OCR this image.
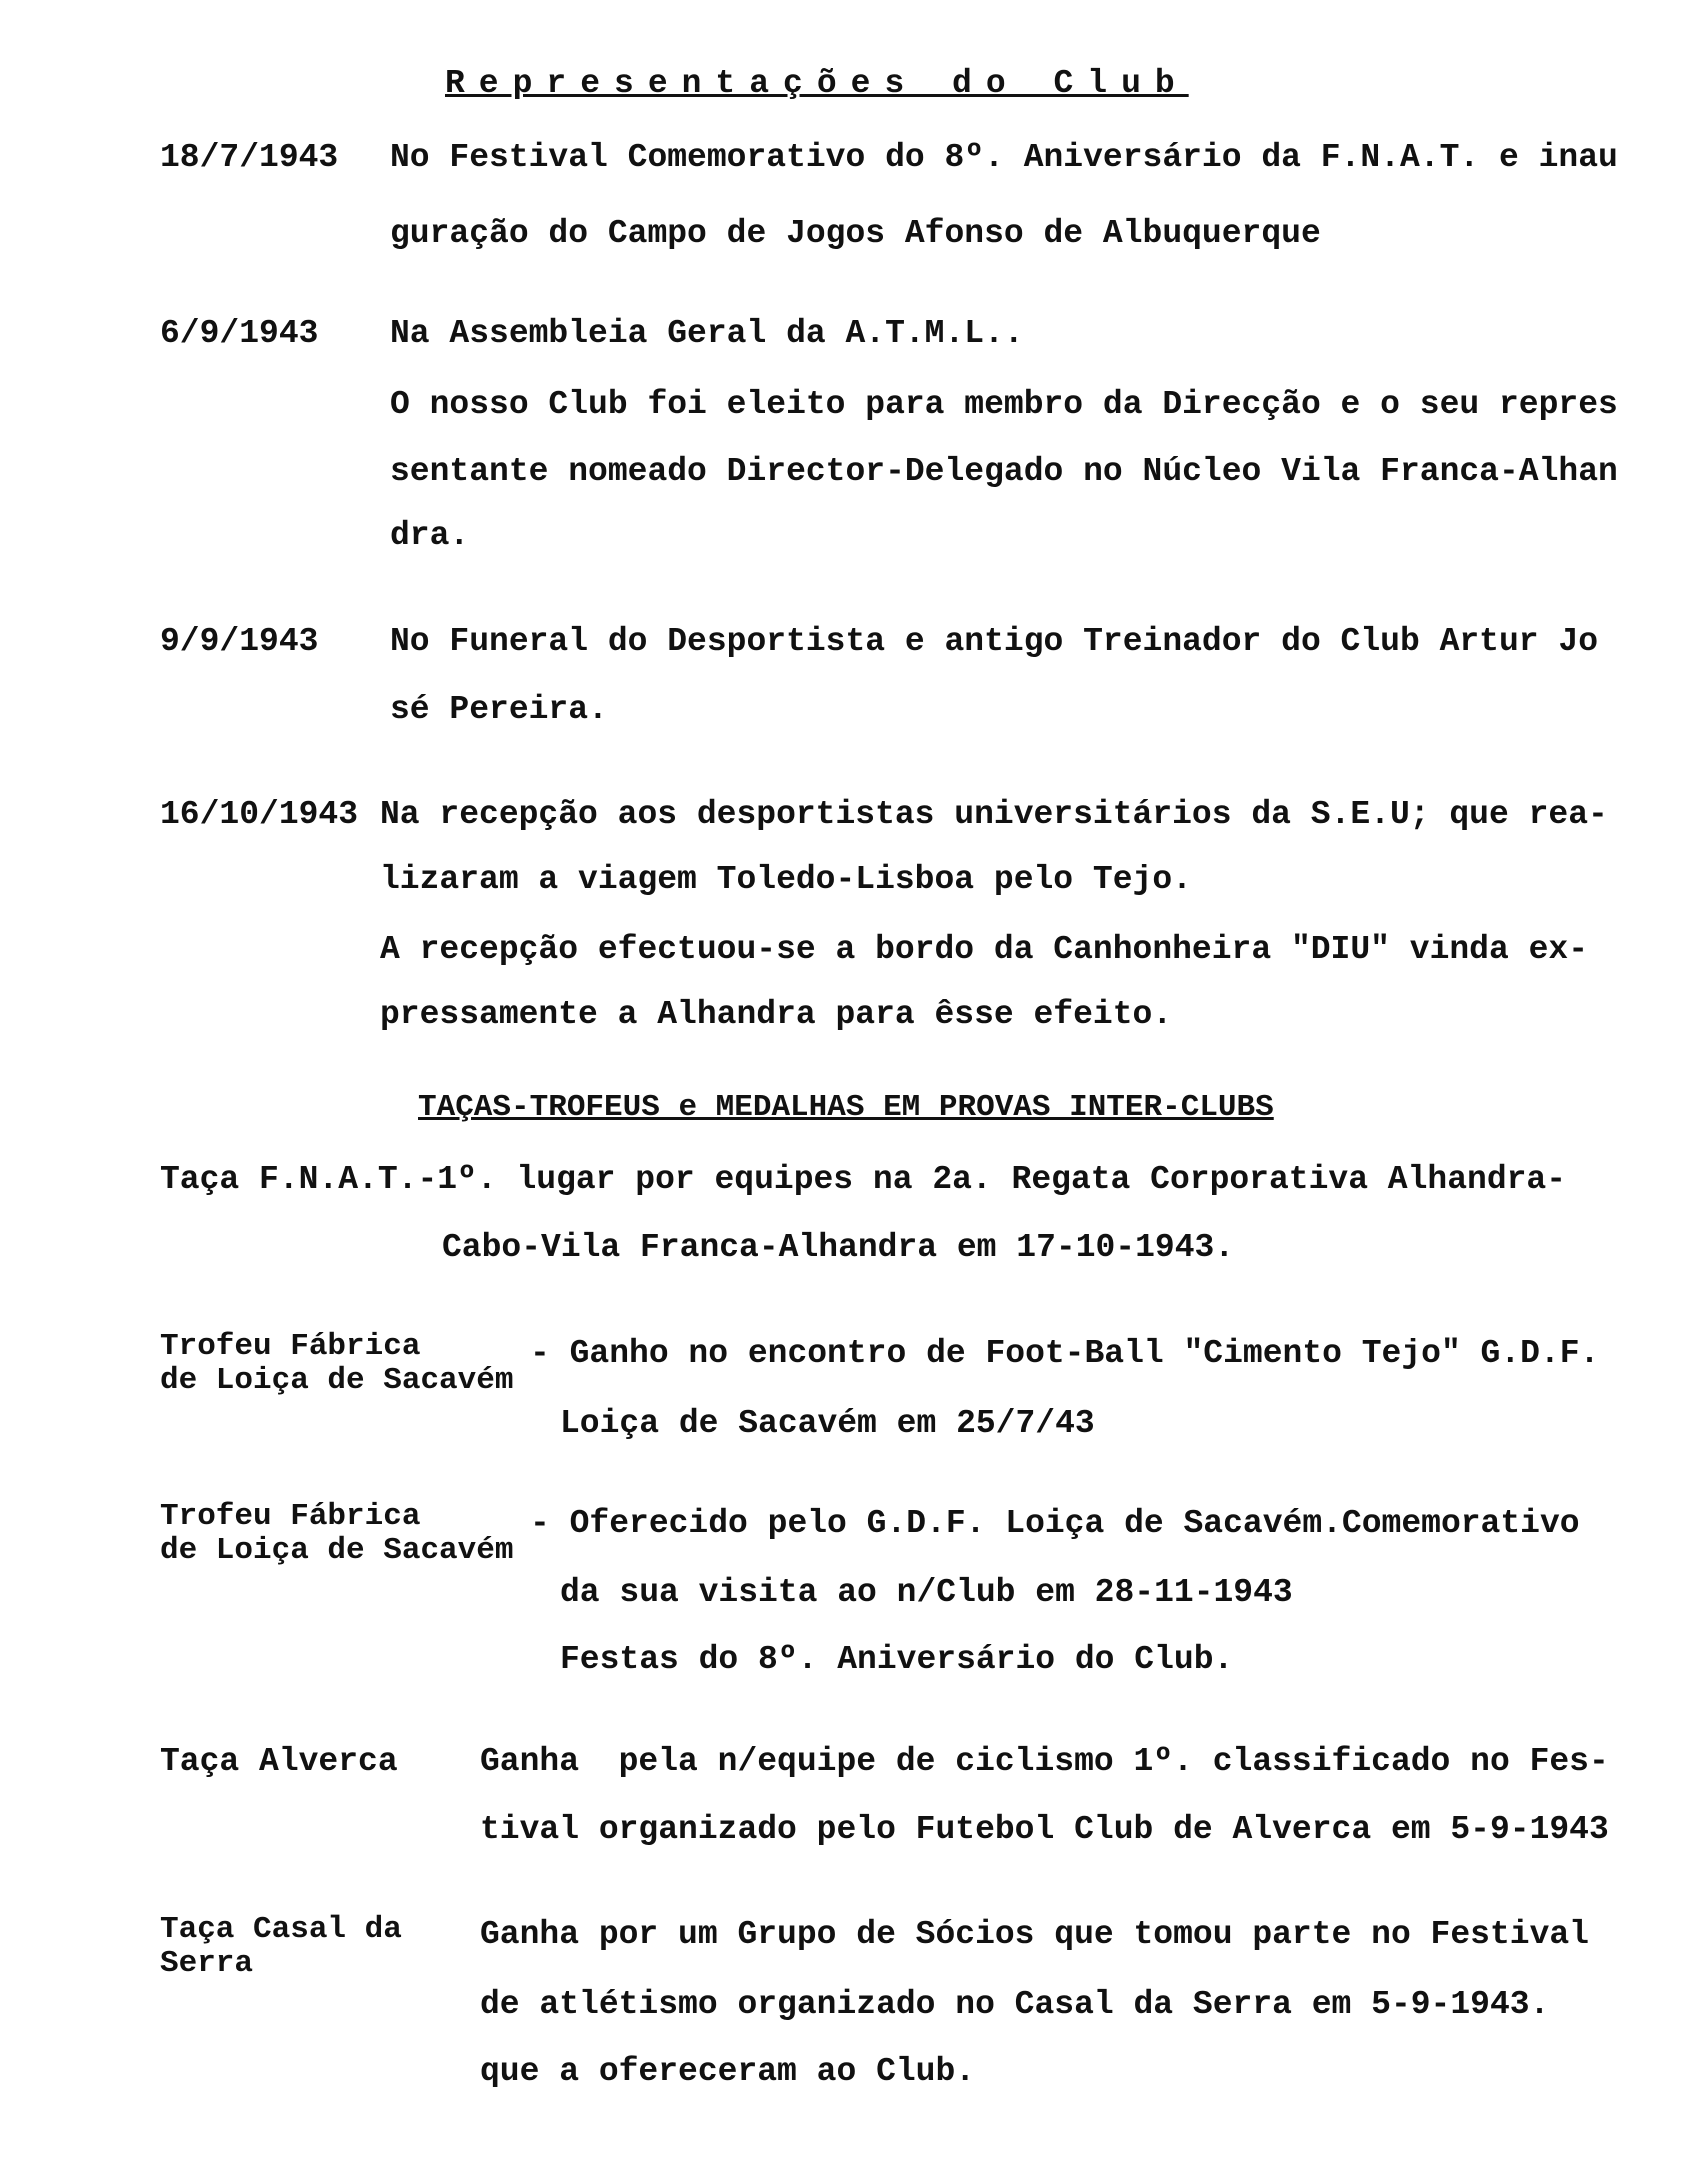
Representações do Club
18/7/1943 No Festival Comemorativo do 8º. Aniversário da F.N.A.T. e inau
guração do Campo de Jogos Afonso de Albuquerque
6/9/1943 Na Assembleia Geral da A.T.M.L..
O nosso Club foi eleito para membro da Direcção e o seu repres
sentante nomeado Director-Delegado no Núcleo Vila Franca-Alhan
dra.
9/9/1943 No Funeral do Desportista e antigo Treinador do Club Artur Jo
sé Pereira.
16/10/1943 Na recepção aos desportistas universitários da S.E.U; que rea-
lizaram a viagem Toledo-Lisboa pelo Tejo.
A recepção efectuou-se a bordo da Canhonheira "DIU" vinda ex-
pressamente a Alhandra para êsse efeito.
TAÇAS-TROFEUS e MEDALHAS EM PROVAS INTER-CLUBS
Taça F.N.A.T.-1º. lugar por equipes na 2a. Regata Corporativa Alhandra-
Cabo-Vila Franca-Alhandra em 17-10-1943.
Trofeu Fábrica
de Loiça de Sacavém
- Ganho no encontro de Foot-Ball "Cimento Tejo" G.D.F.
Loiça de Sacavém em 25/7/43
Trofeu Fábrica
de Loiça de Sacavém
- Oferecido pelo G.D.F. Loiça de Sacavém.Comemorativo
da sua visita ao n/Club em 28-11-1943
Festas do 8º. Aniversário do Club.
Taça Alverca Ganha  pela n/equipe de ciclismo 1º. classificado no Fes-
tival organizado pelo Futebol Club de Alverca em 5-9-1943
Taça Casal da
Serra
Ganha por um Grupo de Sócios que tomou parte no Festival
de atlétismo organizado no Casal da Serra em 5-9-1943.
que a ofereceram ao Club.
